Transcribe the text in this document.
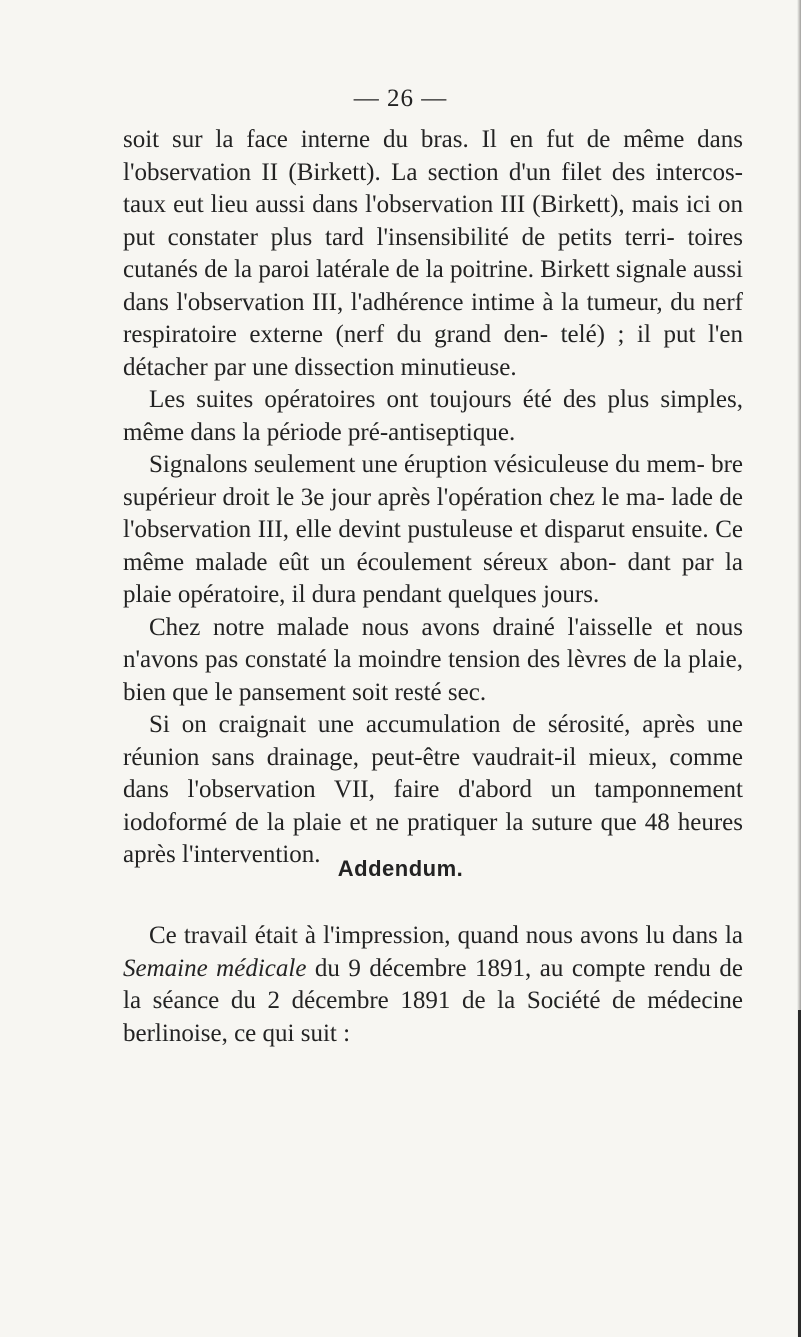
— 26 —

soit sur la face interne du bras. Il en fut de même dans l'observation II (Birkett). La section d'un filet des intercos- taux eut lieu aussi dans l'observation III (Birkett), mais ici on put constater plus tard l'insensibilité de petits terri- toires cutanés de la paroi latérale de la poitrine. Birkett signale aussi dans l'observation III, l'adhérence intime à la tumeur, du nerf respiratoire externe (nerf du grand den- telé) ; il put l'en détacher par une dissection minutieuse.

Les suites opératoires ont toujours été des plus simples, même dans la période pré-antiseptique.

Signalons seulement une éruption vésiculeuse du mem- bre supérieur droit le 3e jour après l'opération chez le ma- lade de l'observation III, elle devint pustuleuse et disparut ensuite. Ce même malade eût un écoulement séreux abon- dant par la plaie opératoire, il dura pendant quelques jours.

Chez notre malade nous avons drainé l'aisselle et nous n'avons pas constaté la moindre tension des lèvres de la plaie, bien que le pansement soit resté sec.

Si on craignait une accumulation de sérosité, après une réunion sans drainage, peut-être vaudrait-il mieux, comme dans l'observation VII, faire d'abord un tamponnement iodoformé de la plaie et ne pratiquer la suture que 48 heures après l'intervention.

Addendum.

Ce travail était à l'impression, quand nous avons lu dans la Semaine médicale du 9 décembre 1891, au compte rendu de la séance du 2 décembre 1891 de la Société de médecine berlinoise, ce qui suit :
